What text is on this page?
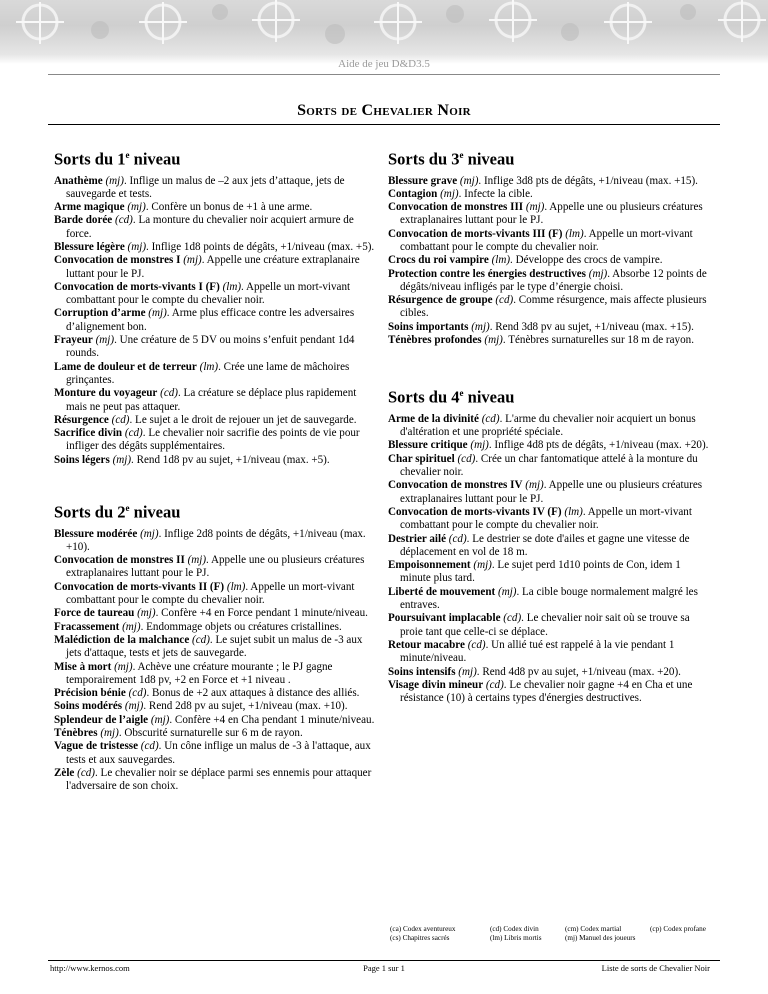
Aide de jeu D&D3.5
Sorts de Chevalier Noir
Sorts du 1e niveau

Anathème (mj). Inflige un malus de –2 aux jets d’attaque, jets de sauvegarde et tests.

Arme magique (mj). Confère un bonus de +1 à une arme.

Barde dorée (cd). La monture du chevalier noir acquiert armure de force.

Blessure légère (mj). Inflige 1d8 points de dégâts, +1/niveau (max. +5).

Convocation de monstres I (mj). Appelle une créature extraplanaire luttant pour le PJ.

Convocation de morts-vivants I (F) (lm). Appelle un mort-vivant combattant pour le compte du chevalier noir.

Corruption d’arme (mj). Arme plus efficace contre les adversaires d’alignement bon.

Frayeur (mj). Une créature de 5 DV ou moins s’enfuit pendant 1d4 rounds.

Lame de douleur et de terreur (lm). Crée une lame de mâchoires grinçantes.

Monture du voyageur (cd). La créature se déplace plus rapidement mais ne peut pas attaquer.

Résurgence (cd). Le sujet a le droit de rejouer un jet de sauvegarde.

Sacrifice divin (cd). Le chevalier noir sacrifie des points de vie pour infliger des dégâts supplémentaires.

Soins légers (mj). Rend 1d8 pv au sujet, +1/niveau (max. +5).

Sorts du 2e niveau

Blessure modérée (mj). Inflige 2d8 points de dégâts, +1/niveau (max. +10).

Convocation de monstres II (mj). Appelle une ou plusieurs créatures extraplanaires luttant pour le PJ.

Convocation de morts-vivants II (F) (lm). Appelle un mort-vivant combattant pour le compte du chevalier noir.

Force de taureau (mj). Confère +4 en Force pendant 1 minute/niveau.

Fracassement (mj). Endommage objets ou créatures cristallines.

Malédiction de la malchance (cd). Le sujet subit un malus de -3 aux jets d'attaque, tests et jets de sauvegarde.

Mise à mort (mj). Achève une créature mourante ; le PJ gagne temporairement 1d8 pv, +2 en Force et +1 niveau .

Précision bénie (cd). Bonus de +2 aux attaques à distance des alliés.

Soins modérés (mj). Rend 2d8 pv au sujet, +1/niveau (max. +10).

Splendeur de l’aigle (mj). Confère +4 en Cha pendant 1 minute/niveau.

Ténèbres (mj). Obscurité surnaturelle sur 6 m de rayon.

Vague de tristesse (cd). Un cône inflige un malus de -3 à l'attaque, aux tests et aux sauvegardes.

Zèle (cd). Le chevalier noir se déplace parmi ses ennemis pour attaquer l'adversaire de son choix.

Sorts du 3e niveau

Blessure grave (mj). Inflige 3d8 pts de dégâts, +1/niveau (max. +15).

Contagion (mj). Infecte la cible.

Convocation de monstres III (mj). Appelle une ou plusieurs créatures extraplanaires luttant pour le PJ.

Convocation de morts-vivants III (F) (lm). Appelle un mort-vivant combattant pour le compte du chevalier noir.

Crocs du roi vampire (lm). Développe des crocs de vampire.

Protection contre les énergies destructives (mj). Absorbe 12 points de dégâts/niveau infligés par le type d’énergie choisi.

Résurgence de groupe (cd). Comme résurgence, mais affecte plusieurs cibles.

Soins importants (mj). Rend 3d8 pv au sujet, +1/niveau (max. +15).

Ténèbres profondes (mj). Ténèbres surnaturelles sur 18 m de rayon.

Sorts du 4e niveau

Arme de la divinité (cd). L'arme du chevalier noir acquiert un bonus d'altération et une propriété spéciale.

Blessure critique (mj). Inflige 4d8 pts de dégâts, +1/niveau (max. +20).

Char spirituel (cd). Crée un char fantomatique attelé à la monture du chevalier noir.

Convocation de monstres IV (mj). Appelle une ou plusieurs créatures extraplanaires luttant pour le PJ.

Convocation de morts-vivants IV (F) (lm). Appelle un mort-vivant combattant pour le compte du chevalier noir.

Destrier ailé (cd). Le destrier se dote d'ailes et gagne une vitesse de déplacement en vol de 18 m.

Empoisonnement (mj). Le sujet perd 1d10 points de Con, idem 1 minute plus tard.

Liberté de mouvement (mj). La cible bouge normalement malgré les entraves.

Poursuivant implacable (cd). Le chevalier noir sait où se trouve sa proie tant que celle-ci se déplace.

Retour macabre (cd). Un allié tué est rappelé à la vie pendant 1 minute/niveau.

Soins intensifs (mj). Rend 4d8 pv au sujet, +1/niveau (max. +20).

Visage divin mineur (cd). Le chevalier noir gagne +4 en Cha et une résistance (10) à certains types d'énergies destructives.

(ca) Codex aventureux
(cs) Chapitres sacrés
(cd) Codex divin
(lm) Libris mortis
(cm) Codex martial
(mj) Manuel des joueurs
(cp) Codex profane
http://www.kernos.com	Page 1 sur 1	Liste de sorts de Chevalier Noir
